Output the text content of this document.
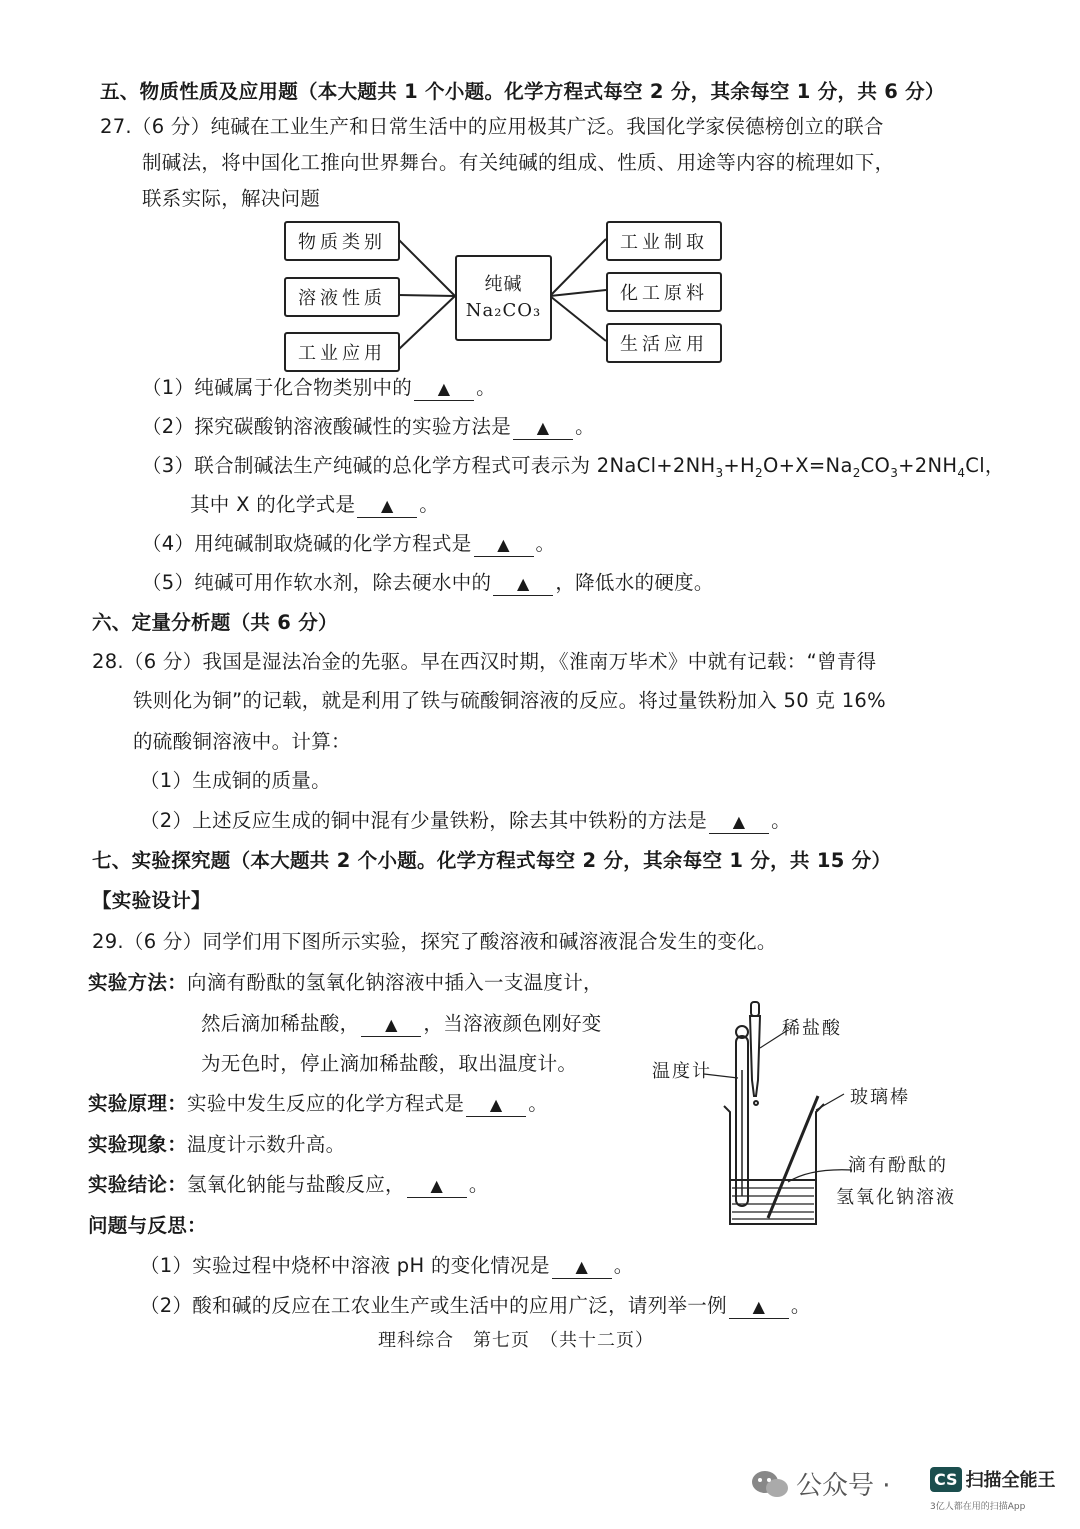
五、物质性质及应用题（本大题共 1 个小题。化学方程式每空 2 分，其余每空 1 分，共 6 分）
27.（6 分）纯碱在工业生产和日常生活中的应用极其广泛。我国化学家侯德榜创立的联合
制碱法，将中国化工推向世界舞台。有关纯碱的组成、性质、用途等内容的梳理如下，
联系实际，解决问题
物质类别
溶液性质
工业应用
纯碱
Na₂CO₃
工业制取
化工原料
生活应用
（1）纯碱属于化合物类别中的 ▲ 。
（2）探究碳酸钠溶液酸碱性的实验方法是 ▲ 。
（3）联合制碱法生产纯碱的总化学方程式可表示为 $2NaCl+2NH_3+H_2O+X=Na_2CO_3+2NH_4Cl$，
其中 X 的化学式是 ▲ 。
（4）用纯碱制取烧碱的化学方程式是 ▲ 。
（5）纯碱可用作软水剂，除去硬水中的 ▲ ，降低水的硬度。
六、定量分析题（共 6 分）
28.（6 分）我国是湿法冶金的先驱。早在西汉时期，《淮南万毕术》中就有记载：“曾青得
铁则化为铜”的记载，就是利用了铁与硫酸铜溶液的反应。将过量铁粉加入 50 克 16%
的硫酸铜溶液中。计算：
（1）生成铜的质量。
（2）上述反应生成的铜中混有少量铁粉，除去其中铁粉的方法是 ▲ 。
七、实验探究题（本大题共 2 个小题。化学方程式每空 2 分，其余每空 1 分，共 15 分）
【实验设计】
29.（6 分）同学们用下图所示实验，探究了酸溶液和碱溶液混合发生的变化。
实验方法：向滴有酚酞的氢氧化钠溶液中插入一支温度计，
然后滴加稀盐酸， ▲ ，当溶液颜色刚好变
为无色时，停止滴加稀盐酸，取出温度计。
实验原理：实验中发生反应的化学方程式是 ▲ 。
实验现象：温度计示数升高。
实验结论：氢氧化钠能与盐酸反应， ▲ 。
问题与反思：
（1）实验过程中烧杯中溶液 pH 的变化情况是 ▲ 。
（2）酸和碱的反应在工农业生产或生活中的应用广泛，请列举一例 ▲ 。
稀盐酸
温度计
玻璃棒
滴有酚酞的
氢氧化钠溶液
理科综合　第七页　（共十二页）
公众号 ·	CS 扫描全能王
3亿人都在用的扫描App
